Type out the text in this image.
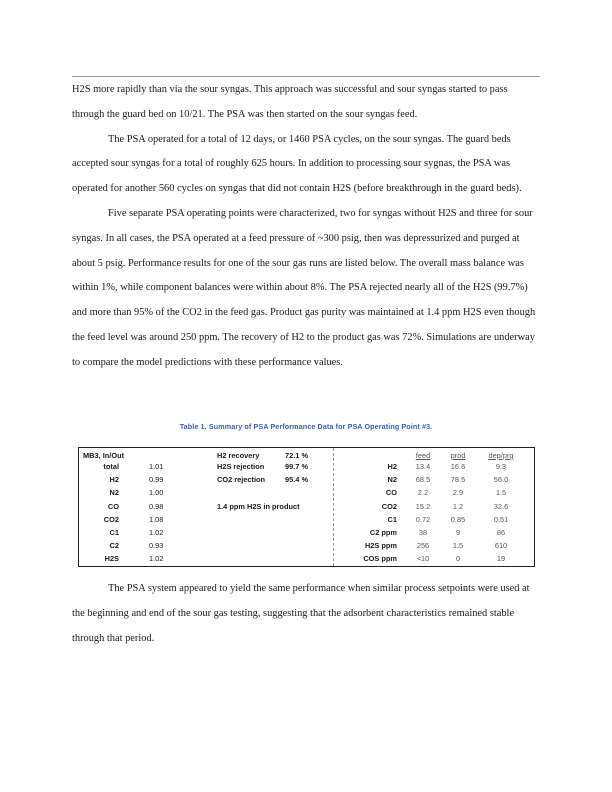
H2S more rapidly than via the sour syngas. This approach was successful and sour syngas started to pass through the guard bed on 10/21. The PSA was then started on the sour syngas feed.

The PSA operated for a total of 12 days, or 1460 PSA cycles, on the sour syngas. The guard beds accepted sour syngas for a total of roughly 625 hours. In addition to processing sour sygnas, the PSA was operated for another 560 cycles on syngas that did not contain H2S (before breakthrough in the guard beds).

Five separate PSA operating points were characterized, two for syngas without H2S and three for sour syngas. In all cases, the PSA operated at a feed pressure of ~300 psig, then was depressurized and purged at about 5 psig. Performance results for one of the sour gas runs are listed below. The overall mass balance was within 1%, while component balances were within about 8%. The PSA rejected nearly all of the H2S (99.7%) and more than 95% of the CO2 in the feed gas. Product gas purity was maintained at 1.4 ppm H2S even though the feed level was around 250 ppm. The recovery of H2 to the product gas was 72%. Simulations are underway to compare the model predictions with these performance values.

Table 1. Summary of PSA Performance Data for PSA Operating Point #3.
MB3, In/Out
total	1.01
H2	0.99
N2	1.00
CO	0.98
CO2	1.08
C1	1.02
C2	0.93
H2S	1.02
H2 recovery	72.1 %
H2S rejection	99.7 %
CO2 rejection	95.4 %
1.4 ppm H2S in product
feed	prod	dep/prg
H2	13.4	16.6	9.3
N2	68.5	78.5	56.0
CO	2.2	2.9	1.5
CO2	15.2	1.2	32.6
C1	0.72	0.85	0.51
C2 ppm	38	9	86
H2S ppm	256	1.5	610
COS ppm	<10	0	19

The PSA system appeared to yield the same performance when similar process setpoints were used at the beginning and end of the sour gas testing, suggesting that the adsorbent characteristics remained stable through that period.
